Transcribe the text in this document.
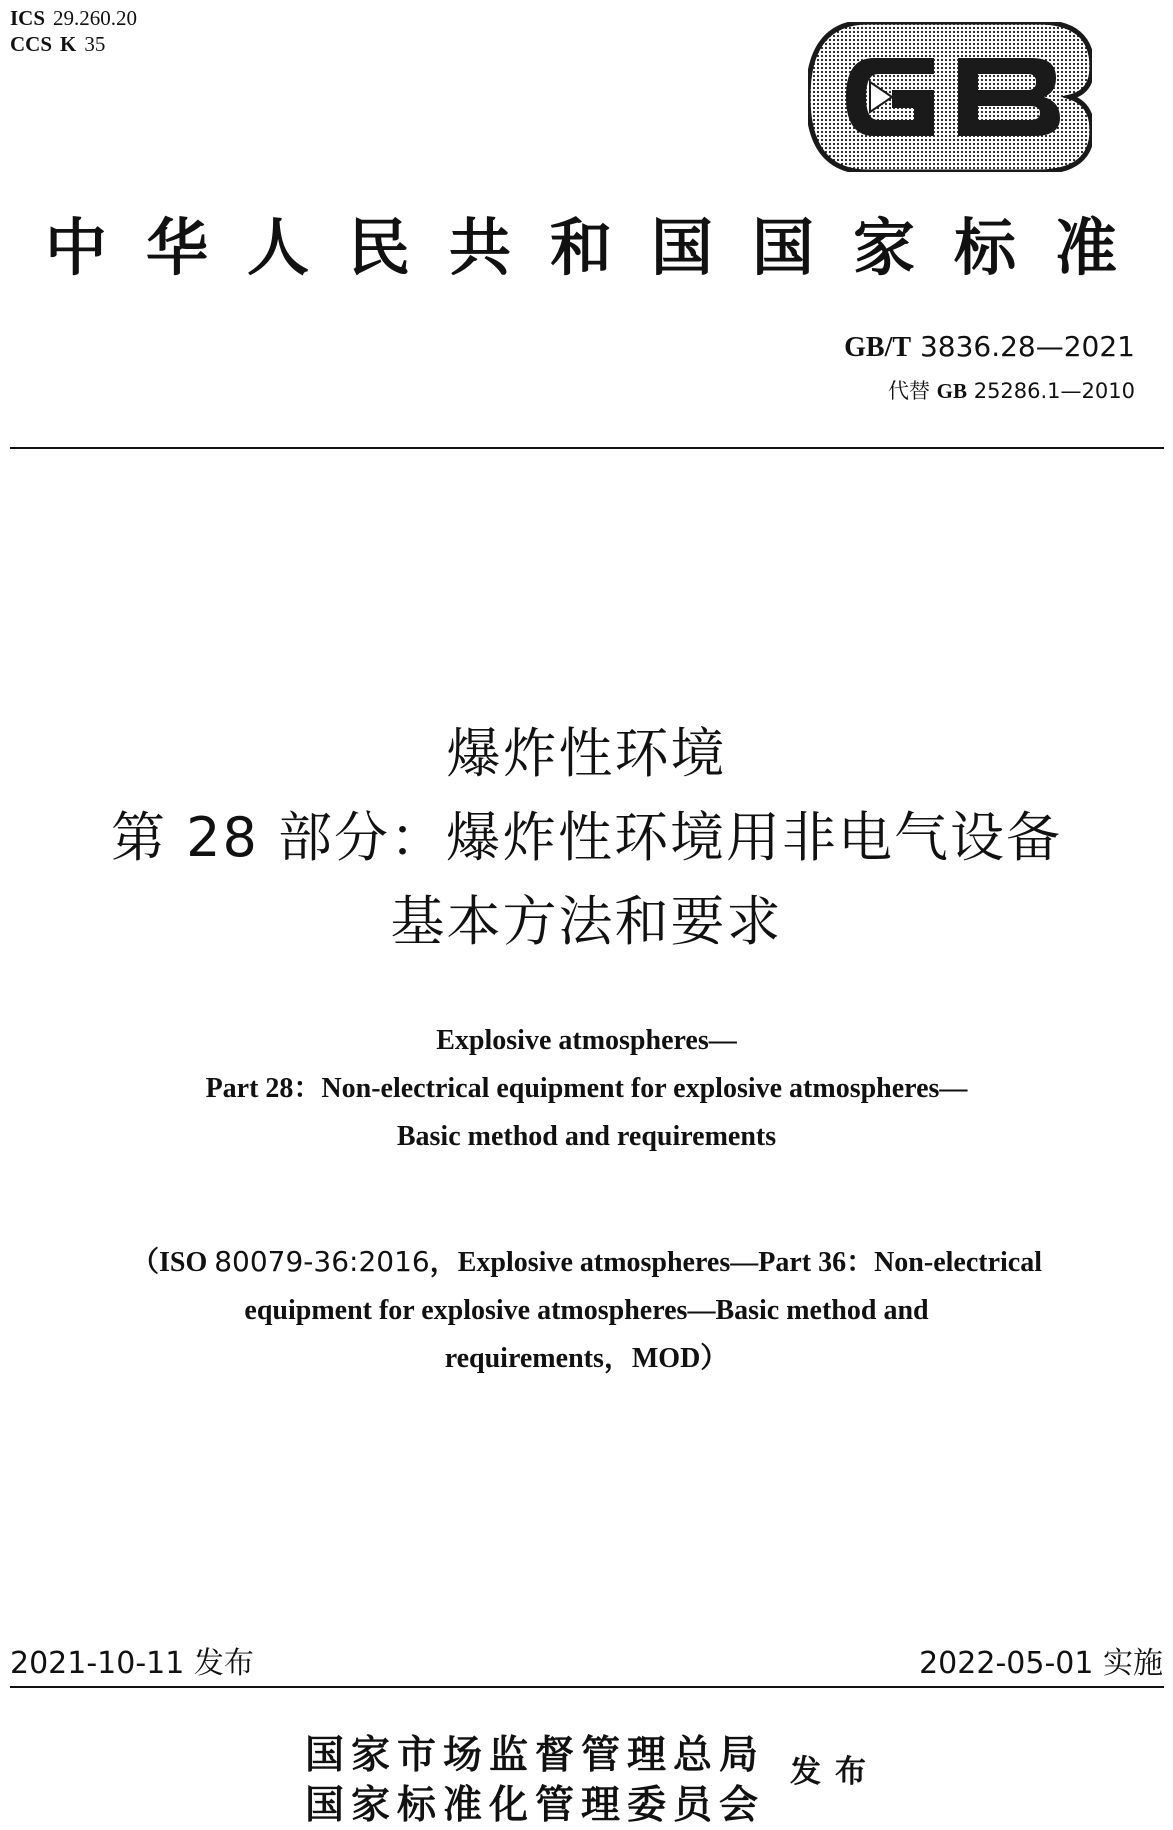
ICS 29.260.20
CCS K 35
中华人民共和国国家标准
GB/T 3836.28—2021
代替 GB 25286.1—2010
爆炸性环境
第 28 部分：爆炸性环境用非电气设备
基本方法和要求
Explosive atmospheres—
Part 28：Non-electrical equipment for explosive atmospheres—
Basic method and requirements
（ISO 80079-36:2016，Explosive atmospheres—Part 36：Non-electrical
equipment for explosive atmospheres—Basic method and
requirements，MOD）
2021-10-11 发布	2022-05-01 实施
国家市场监督管理总局
国家标准化管理委员会
发布
